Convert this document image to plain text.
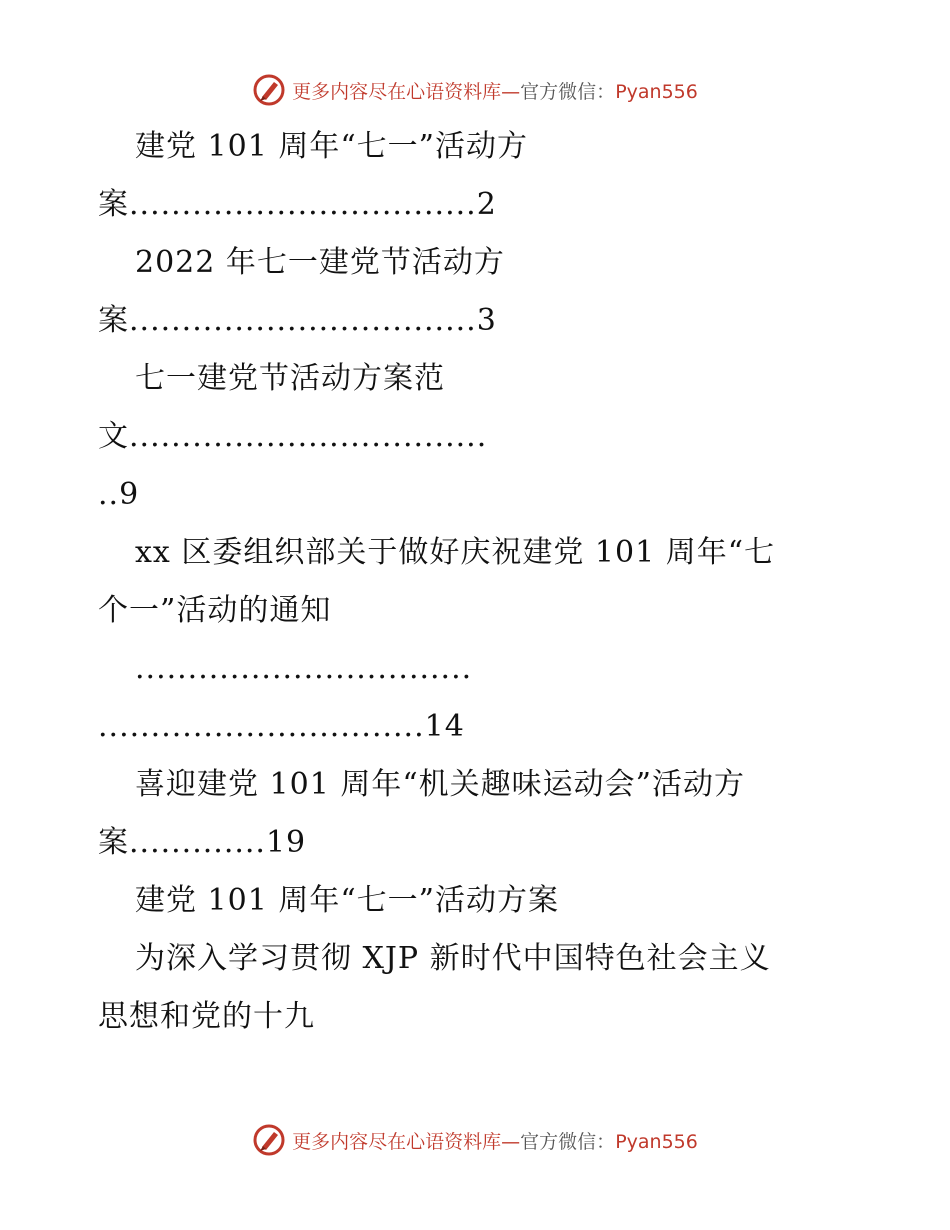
更多内容尽在心语资料库—官方微信：Pyan556
建党 101 周年“七一”活动方
案.................................2
2022 年七一建党节活动方
案.................................3
七一建党节活动方案范
文..................................
..9
xx 区委组织部关于做好庆祝建党 101 周年“七
个一”活动的通知
................................
...............................14
喜迎建党 101 周年“机关趣味运动会”活动方
案.............19
建党 101 周年“七一”活动方案
为深入学习贯彻 XJP 新时代中国特色社会主义
思想和党的十九
更多内容尽在心语资料库—官方微信：Pyan556
